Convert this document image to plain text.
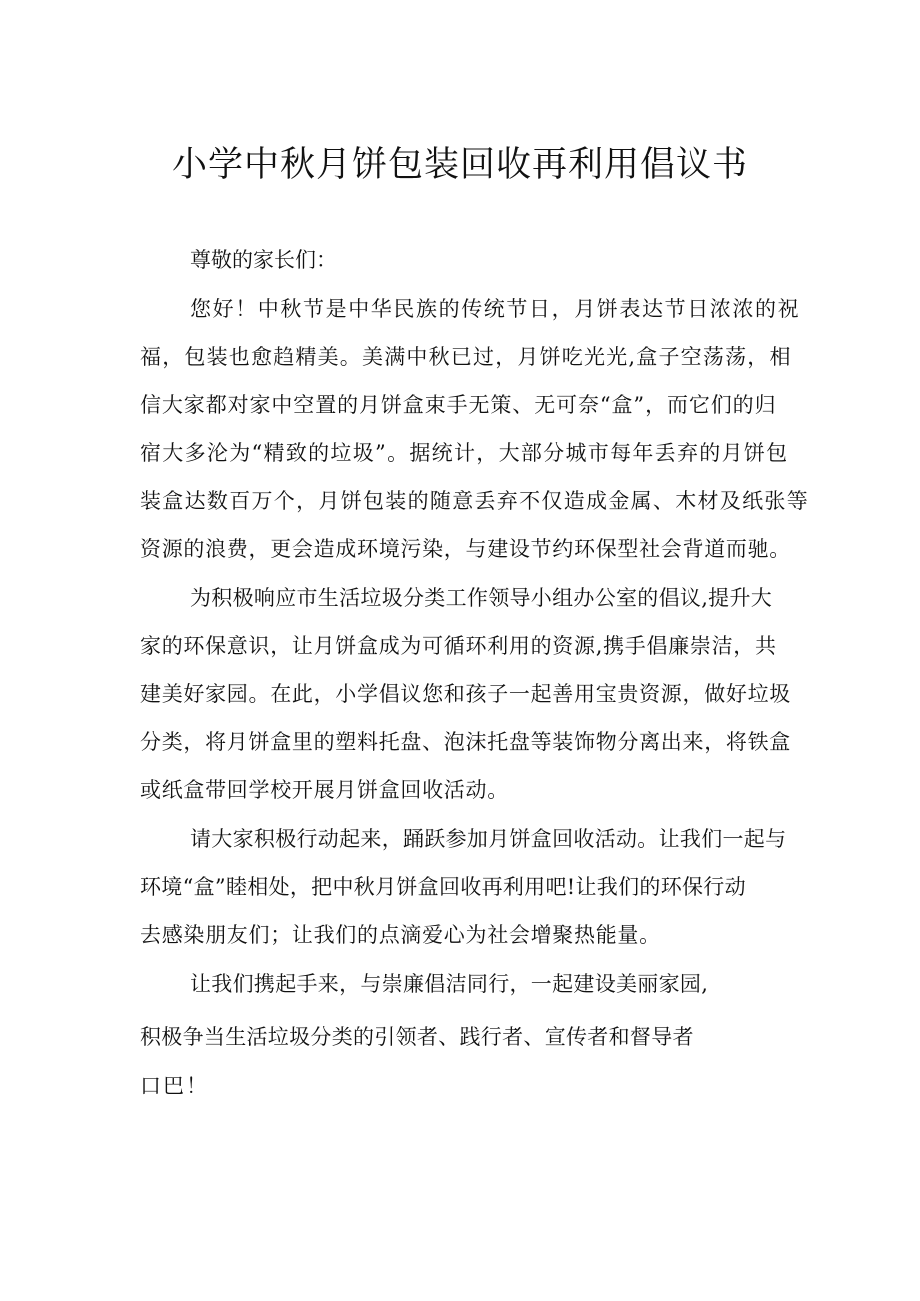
小学中秋月饼包装回收再利用倡议书

尊敬的家长们：

您好！中秋节是中华民族的传统节日，月饼表达节日浓浓的祝

福，包装也愈趋精美。美满中秋已过，月饼吃光光,盒子空荡荡，相

信大家都对家中空置的月饼盒束手无策、无可奈“盒”，而它们的归

宿大多沦为“精致的垃圾”。据统计，大部分城市每年丢弃的月饼包

装盒达数百万个，月饼包装的随意丢弃不仅造成金属、木材及纸张等

资源的浪费，更会造成环境污染，与建设节约环保型社会背道而驰。

为积极响应市生活垃圾分类工作领导小组办公室的倡议,提升大

家的环保意识，让月饼盒成为可循环利用的资源,携手倡廉崇洁，共

建美好家园。在此，小学倡议您和孩子一起善用宝贵资源，做好垃圾

分类，将月饼盒里的塑料托盘、泡沫托盘等装饰物分离出来，将铁盒

或纸盒带回学校开展月饼盒回收活动。

请大家积极行动起来，踊跃参加月饼盒回收活动。让我们一起与

环境“盒”睦相处，把中秋月饼盒回收再利用吧!让我们的环保行动

去感染朋友们；让我们的点滴爱心为社会增聚热能量。

让我们携起手来，与崇廉倡洁同行，一起建设美丽家园,

积极争当生活垃圾分类的引领者、践行者、宣传者和督导者

口巴！
